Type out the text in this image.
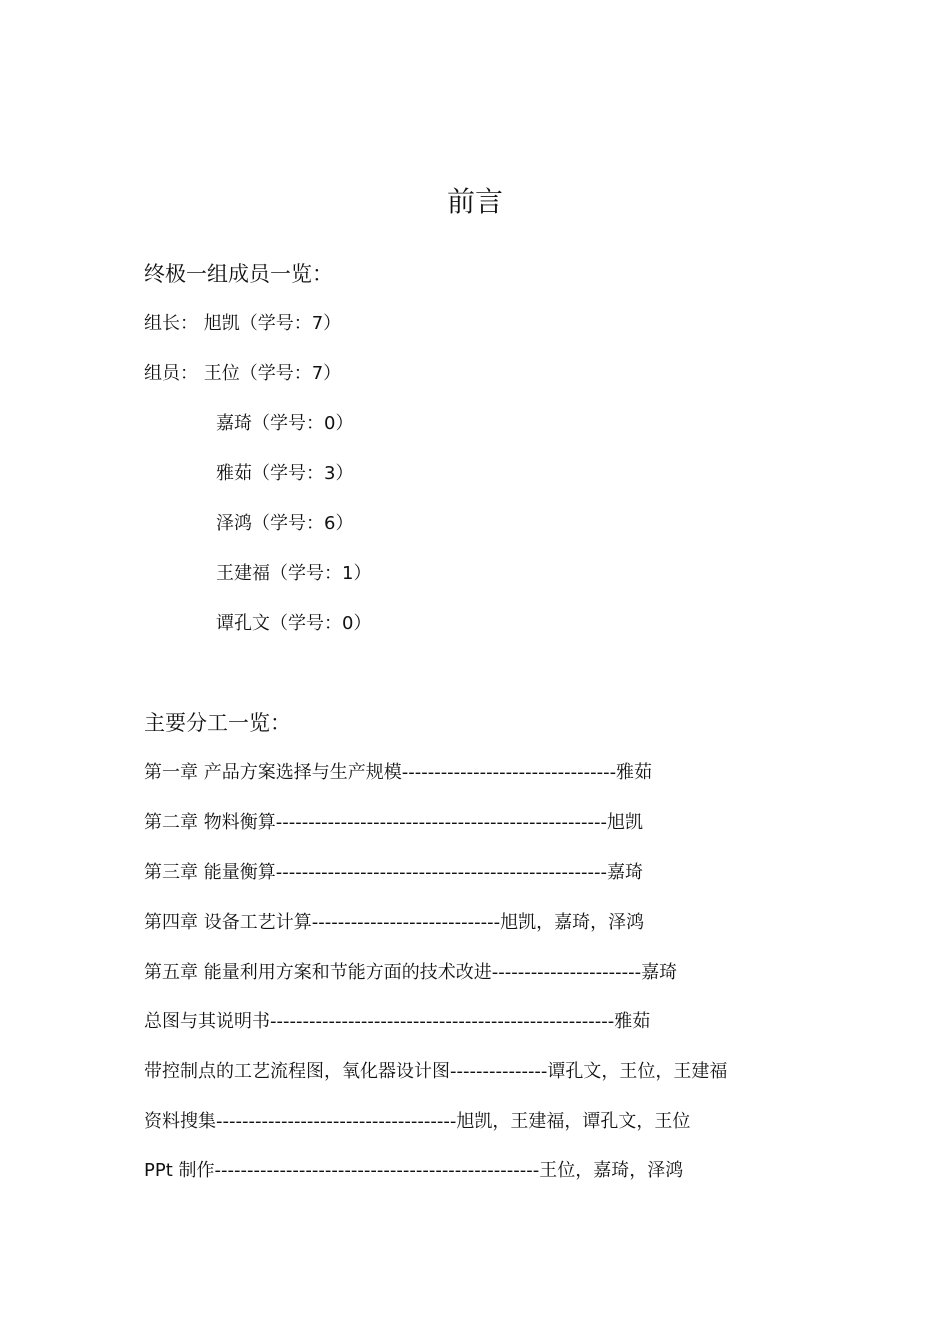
前言
终极一组成员一览：
组长： 旭凯（学号：7）
组员： 王位（学号：7）
嘉琦（学号：0）
雅茹（学号：3）
泽鸿（学号：6）
王建福（学号：1）
谭孔文（学号：0）
主要分工一览：
第一章 产品方案选择与生产规模---------------------------------雅茹
第二章 物料衡算---------------------------------------------------旭凯
第三章 能量衡算---------------------------------------------------嘉琦
第四章 设备工艺计算-----------------------------旭凯，嘉琦，泽鸿
第五章 能量利用方案和节能方面的技术改进-----------------------嘉琦
总图与其说明书-----------------------------------------------------雅茹
带控制点的工艺流程图，氧化器设计图---------------谭孔文，王位，王建福
资料搜集-------------------------------------旭凯，王建福，谭孔文，王位
PPt 制作--------------------------------------------------王位，嘉琦，泽鸿
